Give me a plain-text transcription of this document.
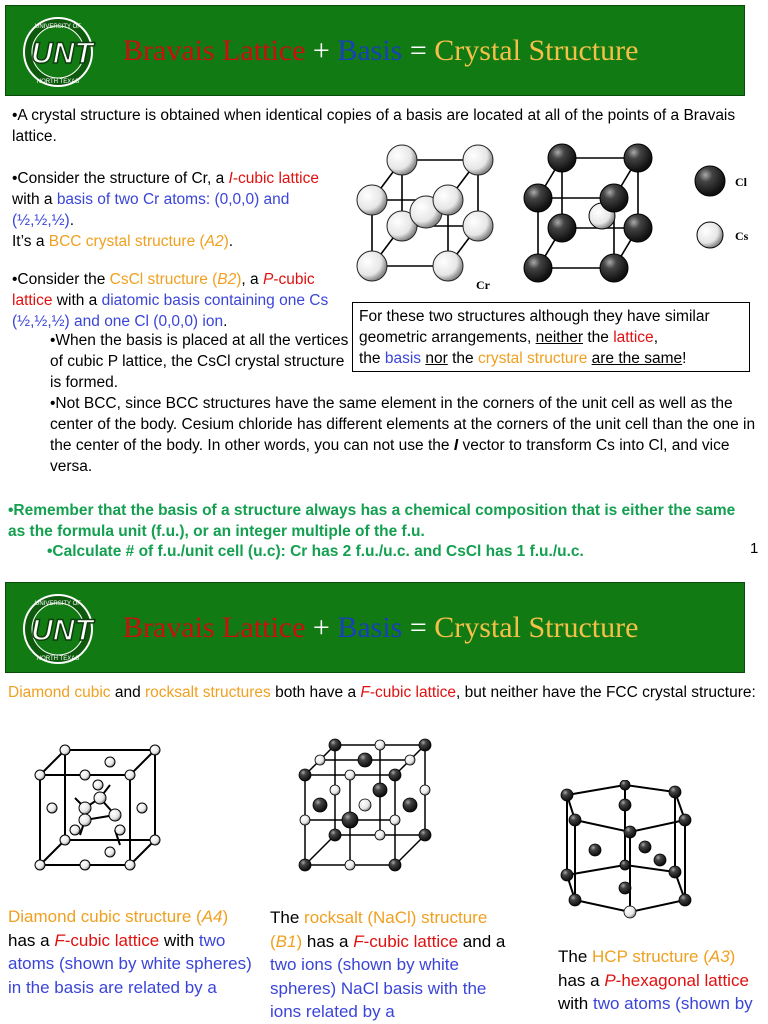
UNIVERSITY OF
NORTH TEXAS
UNT Bravais Lattice + Basis = Crystal Structure
•A crystal structure is obtained when identical copies of a basis are located at all of the points of a Bravais lattice.
•Consider the structure of Cr, a I-cubic lattice with a basis of two Cr atoms: (0,0,0) and (½,½,½).
It’s a BCC crystal structure (A2).
•Consider the CsCl structure (B2), a P-cubic lattice with a diatomic basis containing one Cs (½,½,½) and one Cl (0,0,0) ion.
•When the basis is placed at all the vertices of cubic P lattice, the CsCl crystal structure is formed.
•Not BCC, since BCC structures have the same element in the corners of the unit cell as well as the center of the body. Cesium chloride has different elements at the corners of the unit cell than the one in the center of the body. In other words, you can not use the I vector to transform Cs into Cl, and vice versa.
For these two structures although they have similar geometric arrangements, neither the lattice,
the basis nor the crystal structure are the same!
•Remember that the basis of a structure always has a chemical composition that is either the same as the formula unit (f.u.), or an integer multiple of the f.u.
•Calculate # of f.u./unit cell (u.c): Cr has 2 f.u./u.c. and CsCl has 1 f.u./u.c.	1
Cr
Cl
Cs
UNIVERSITY OF
NORTH TEXAS
UNT Bravais Lattice + Basis = Crystal Structure
Diamond cubic and rocksalt structures both have a F-cubic lattice, but neither have the FCC crystal structure:
Diamond cubic structure (A4) has a F-cubic lattice with two atoms (shown by white spheres) in the basis are related by a
The rocksalt (NaCl) structure (B1) has a F-cubic lattice and a two ions (shown by white spheres) NaCl basis with the ions related by a
The HCP structure (A3) has a P-hexagonal lattice with two atoms (shown by
